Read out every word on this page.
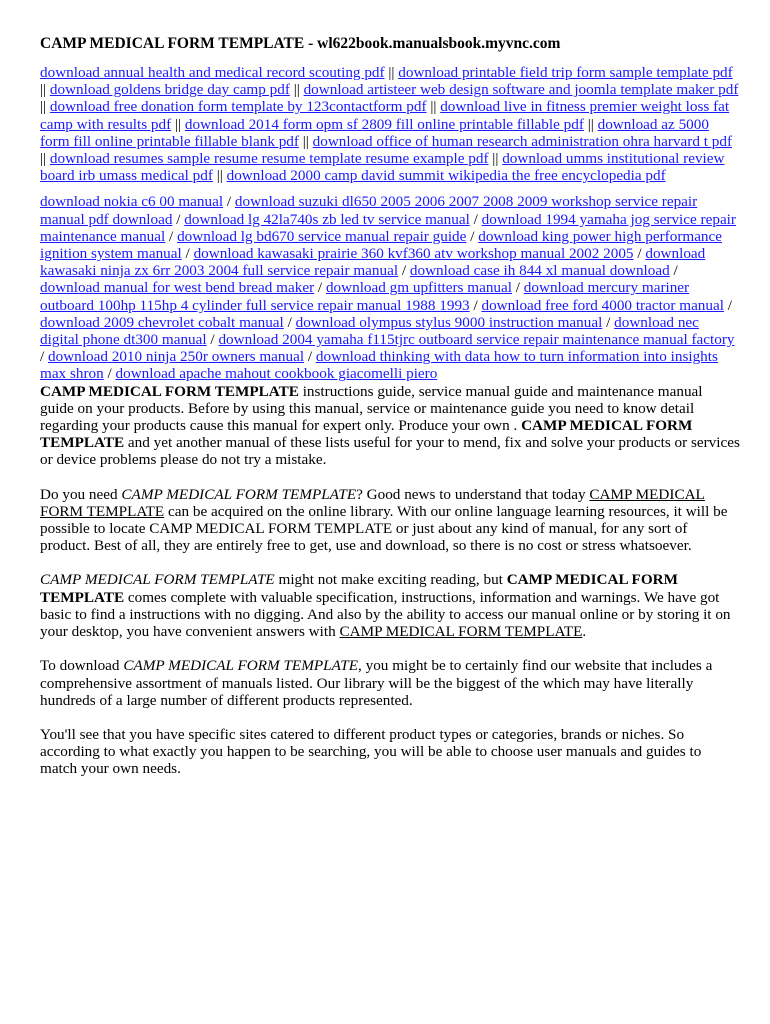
CAMP MEDICAL FORM TEMPLATE - wl622book.manualsbook.myvnc.com
download annual health and medical record scouting pdf || download printable field trip form sample template pdf || download goldens bridge day camp pdf || download artisteer web design software and joomla template maker pdf || download free donation form template by 123contactform pdf || download live in fitness premier weight loss fat camp with results pdf || download 2014 form opm sf 2809 fill online printable fillable pdf || download az 5000 form fill online printable fillable blank pdf || download office of human research administration ohra harvard t pdf || download resumes sample resume resume template resume example pdf || download umms institutional review board irb umass medical pdf || download 2000 camp david summit wikipedia the free encyclopedia pdf
download nokia c6 00 manual / download suzuki dl650 2005 2006 2007 2008 2009 workshop service repair manual pdf download / download lg 42la740s zb led tv service manual / download 1994 yamaha jog service repair maintenance manual / download lg bd670 service manual repair guide / download king power high performance ignition system manual / download kawasaki prairie 360 kvf360 atv workshop manual 2002 2005 / download kawasaki ninja zx 6rr 2003 2004 full service repair manual / download case ih 844 xl manual download / download manual for west bend bread maker / download gm upfitters manual / download mercury mariner outboard 100hp 115hp 4 cylinder full service repair manual 1988 1993 / download free ford 4000 tractor manual / download 2009 chevrolet cobalt manual / download olympus stylus 9000 instruction manual / download nec digital phone dt300 manual / download 2004 yamaha f115tjrc outboard service repair maintenance manual factory / download 2010 ninja 250r owners manual / download thinking with data how to turn information into insights max shron / download apache mahout cookbook giacomelli piero

CAMP MEDICAL FORM TEMPLATE instructions guide, service manual guide and maintenance manual guide on your products. Before by using this manual, service or maintenance guide you need to know detail regarding your products cause this manual for expert only. Produce your own . CAMP MEDICAL FORM TEMPLATE and yet another manual of these lists useful for your to mend, fix and solve your products or services or device problems please do not try a mistake.

Do you need CAMP MEDICAL FORM TEMPLATE? Good news to understand that today CAMP MEDICAL FORM TEMPLATE can be acquired on the online library. With our online language learning resources, it will be possible to locate CAMP MEDICAL FORM TEMPLATE or just about any kind of manual, for any sort of product. Best of all, they are entirely free to get, use and download, so there is no cost or stress whatsoever.

CAMP MEDICAL FORM TEMPLATE might not make exciting reading, but CAMP MEDICAL FORM TEMPLATE comes complete with valuable specification, instructions, information and warnings. We have got basic to find a instructions with no digging. And also by the ability to access our manual online or by storing it on your desktop, you have convenient answers with CAMP MEDICAL FORM TEMPLATE.

To download CAMP MEDICAL FORM TEMPLATE, you might be to certainly find our website that includes a comprehensive assortment of manuals listed. Our library will be the biggest of the which may have literally hundreds of a large number of different products represented.

You'll see that you have specific sites catered to different product types or categories, brands or niches. So according to what exactly you happen to be searching, you will be able to choose user manuals and guides to match your own needs.
